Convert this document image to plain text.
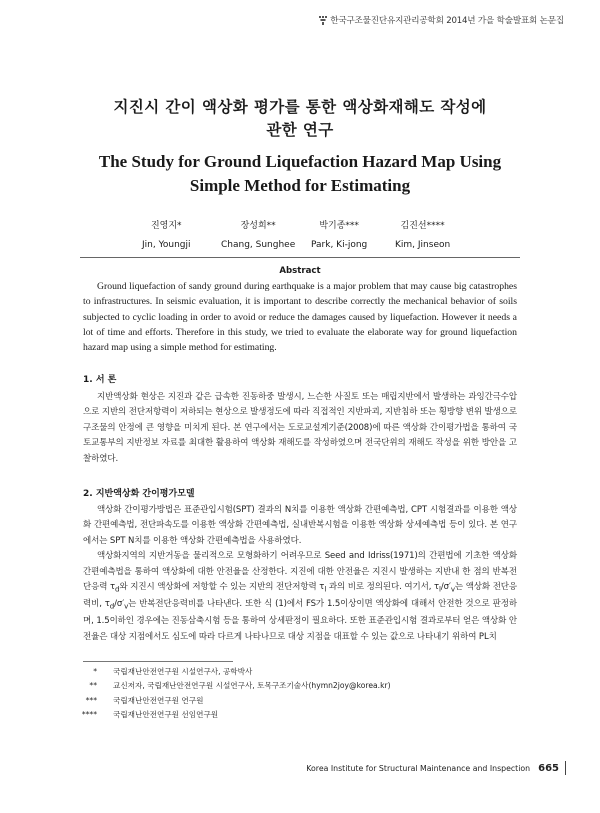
한국구조물진단유지관리공학회 2014년 가을 학술발표회 논문집
지진시 간이 액상화 평가를 통한 액상화재해도 작성에
관한 연구
The Study for Ground Liquefaction Hazard Map Using
Simple Method for Estimating
진영지*
Jin, Youngji
장성희**
Chang, Sunghee
박기종***
Park, Ki-jong
김진선****
Kim, Jinseon
Abstract
Ground liquefaction of sandy ground during earthquake is a major problem that may cause big catastrophes to infrastructures. In seismic evaluation, it is important to describe correctly the mechanical behavior of soils subjected to cyclic loading in order to avoid or reduce the damages caused by liquefaction. However it needs a lot of time and efforts. Therefore in this study, we tried to evaluate the elaborate way for ground liquefaction hazard map using a simple method for estimating.
1. 서 론
지반액상화 현상은 지진과 같은 급속한 진동하중 발생시, 느슨한 사질토 또는 매립지반에서 발생하는 과잉간극수압으로 지반의 전단저항력이 저하되는 현상으로 발생정도에 따라 직접적인 지반파괴, 지반침하 또는 횡방향 변위 발생으로 구조물의 안정에 큰 영향을 미치게 된다. 본 연구에서는 도로교설계기준(2008)에 따른 액상화 간이평가법을 통하여 국토교통부의 지반정보 자료를 최대한 활용하여 액상화 재해도를 작성하였으며 전국단위의 재해도 작성을 위한 방안을 고찰하였다.
2. 지반액상화 간이평가모델

액상화 간이평가방법은 표준관입시험(SPT) 결과의 N치를 이용한 액상화 간편예측법, CPT 시험결과를 이용한 액상화 간편예측법, 전단파속도를 이용한 액상화 간편예측법, 실내반복시험을 이용한 액상화 상세예측법 등이 있다. 본 연구에서는 SPT N치를 이용한 액상화 간편예측법을 사용하였다.

액상화지역의 지반거동을 물리적으로 모형화하기 어려우므로 Seed and Idriss(1971)의 간편법에 기초한 액상화 간편예측법을 통하여 액상화에 대한 안전율을 산정한다. 지진에 대한 안전율은 지진시 발생하는 지반내 한 점의 반복전단응력 $\tau_d$와 지진시 액상화에 저항할 수 있는 지반의 전단저항력 $\tau_l$ 과의 비로 정의된다. 여기서, $\tau_l/\sigma'_v$는 액상화 전단응력비, $\tau_d/\sigma'_v$는 반복전단응력비를 나타낸다. 또한 식 (1)에서 FS가 1.5이상이면 액상화에 대해서 안전한 것으로 판정하며, 1.5이하인 경우에는 진동삼축시험 등을 통하여 상세판정이 필요하다. 또한 표준관입시험 결과로부터 얻은 액상화 안전율은 대상 지점에서도 심도에 따라 다르게 나타나므로 대상 지점을 대표할 수 있는 값으로 나타내기 위하여 PL치

* 국립재난안전연구원 시설연구사, 공학박사
** 교신저자, 국립재난안전연구원 시설연구사, 토목구조기술사(hymn2joy@korea.kr)
*** 국립재난안전연구원 연구원
**** 국립재난안전연구원 선임연구원
Korea Institute for Structural Maintenance and Inspection 665
